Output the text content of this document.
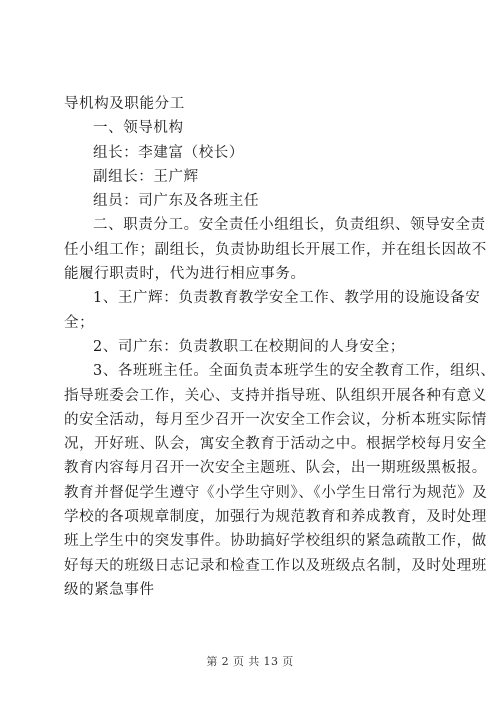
导机构及职能分工
一、领导机构
组长：李建富（校长）
副组长：王广辉
组员：司广东及各班主任
二、职责分工。安全责任小组组长，负责组织、领导安全责
任小组工作；副组长，负责协助组长开展工作，并在组长因故不
能履行职责时，代为进行相应事务。
1、王广辉：负责教育教学安全工作、教学用的设施设备安
全；
2、司广东：负责教职工在校期间的人身安全；
3、各班班主任。全面负责本班学生的安全教育工作，组织、
指导班委会工作，关心、支持并指导班、队组织开展各种有意义
的安全活动，每月至少召开一次安全工作会议，分析本班实际情
况，开好班、队会，寓安全教育于活动之中。根据学校每月安全
教育内容每月召开一次安全主题班、队会，出一期班级黑板报。
教育并督促学生遵守《小学生守则》、《小学生日常行为规范》及
学校的各项规章制度，加强行为规范教育和养成教育，及时处理
班上学生中的突发事件。协助搞好学校组织的紧急疏散工作，做
好每天的班级日志记录和检查工作以及班级点名制，及时处理班
级的紧急事件
第 2 页 共 13 页
